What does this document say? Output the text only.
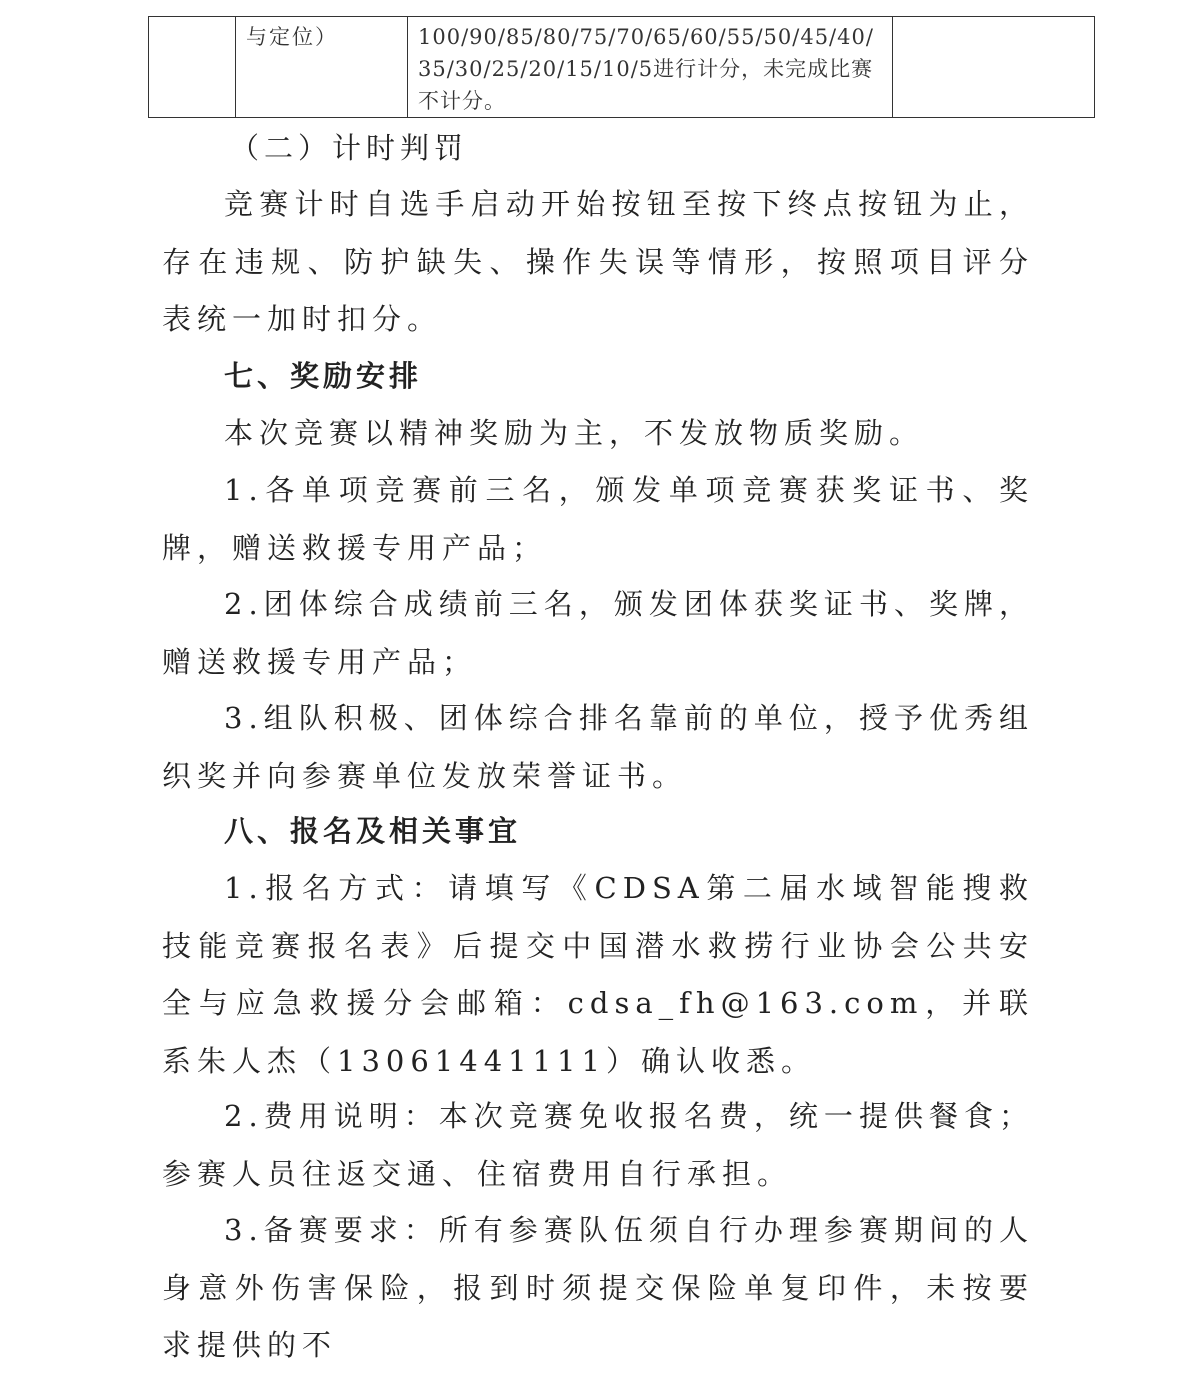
	与定位）	100/90/85/80/75/70/65/60/55/50/45/40/35/30/25/20/15/10/5进行计分，未完成比赛不计分。	

（二）计时判罚

竞赛计时自选手启动开始按钮至按下终点按钮为止，存在违规、防护缺失、操作失误等情形，按照项目评分表统一加时扣分。

七、奖励安排

本次竞赛以精神奖励为主，不发放物质奖励。

1.各单项竞赛前三名，颁发单项竞赛获奖证书、奖牌，赠送救援专用产品；

2.团体综合成绩前三名，颁发团体获奖证书、奖牌，赠送救援专用产品；

3.组队积极、团体综合排名靠前的单位，授予优秀组织奖并向参赛单位发放荣誉证书。

八、报名及相关事宜

1.报名方式：请填写《CDSA第二届水域智能搜救技能竞赛报名表》后提交中国潜水救捞行业协会公共安全与应急救援分会邮箱：cdsa_fh@163.com，并联系朱人杰（13061441111）确认收悉。

2.费用说明：本次竞赛免收报名费，统一提供餐食；参赛人员往返交通、住宿费用自行承担。

3.备赛要求：所有参赛队伍须自行办理参赛期间的人身意外伤害保险，报到时须提交保险单复印件，未按要求提供的不
